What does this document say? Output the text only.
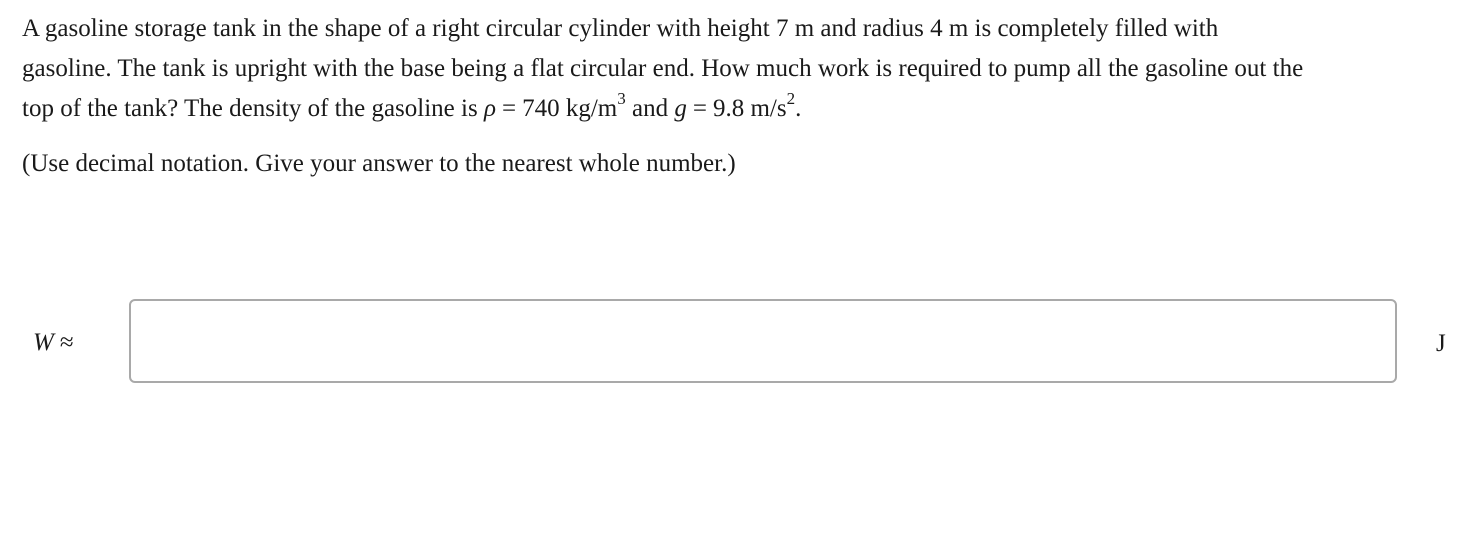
A gasoline storage tank in the shape of a right circular cylinder with height 7 m and radius 4 m is completely filled with

gasoline. The tank is upright with the base being a flat circular end. How much work is required to pump all the gasoline out the

top of the tank? The density of the gasoline is ρ = 740 $kg/m^3$ and g = 9.8 $m/s^2$.

(Use decimal notation. Give your answer to the nearest whole number.)
W ≈	J
